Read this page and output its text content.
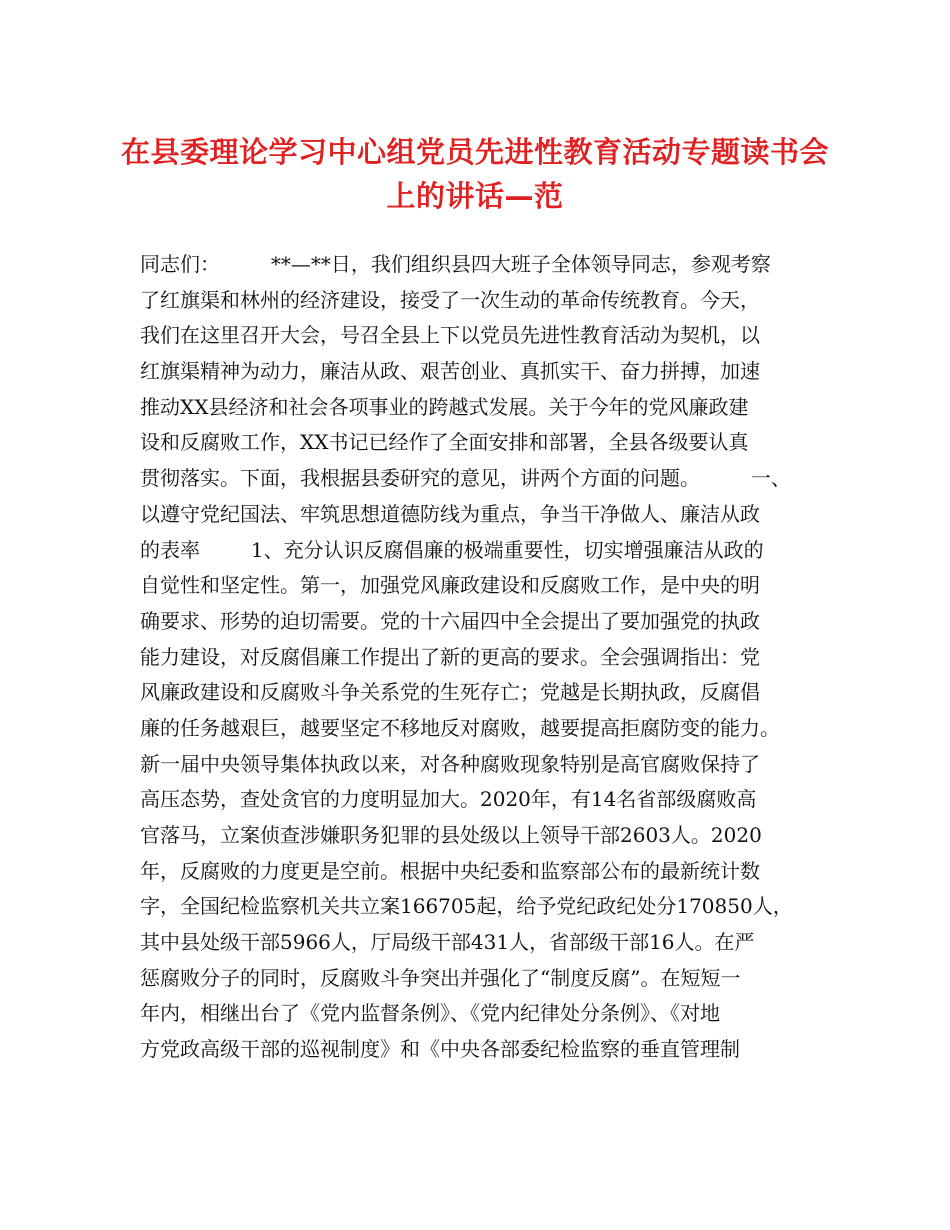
在县委理论学习中心组党员先进性教育活动专题读书会
上的讲话—范
同志们：        **—**日，我们组织县四大班子全体领导同志，参观考察
了红旗渠和林州的经济建设，接受了一次生动的革命传统教育。今天，
我们在这里召开大会，号召全县上下以党员先进性教育活动为契机，以
红旗渠精神为动力，廉洁从政、艰苦创业、真抓实干、奋力拼搏，加速
推动XX县经济和社会各项事业的跨越式发展。关于今年的党风廉政建
设和反腐败工作，XX书记已经作了全面安排和部署，全县各级要认真
贯彻落实。下面，我根据县委研究的意见，讲两个方面的问题。        一、
以遵守党纪国法、牢筑思想道德防线为重点，争当干净做人、廉洁从政
的表率        1、充分认识反腐倡廉的极端重要性，切实增强廉洁从政的
自觉性和坚定性。第一，加强党风廉政建设和反腐败工作，是中央的明
确要求、形势的迫切需要。党的十六届四中全会提出了要加强党的执政
能力建设，对反腐倡廉工作提出了新的更高的要求。全会强调指出：党
风廉政建设和反腐败斗争关系党的生死存亡；党越是长期执政，反腐倡
廉的任务越艰巨，越要坚定不移地反对腐败，越要提高拒腐防变的能力。
新一届中央领导集体执政以来，对各种腐败现象特别是高官腐败保持了
高压态势，查处贪官的力度明显加大。2020年，有14名省部级腐败高
官落马，立案侦查涉嫌职务犯罪的县处级以上领导干部2603人。2020
年，反腐败的力度更是空前。根据中央纪委和监察部公布的最新统计数
字，全国纪检监察机关共立案166705起，给予党纪政纪处分170850人，
其中县处级干部5966人，厅局级干部431人，省部级干部16人。在严
惩腐败分子的同时，反腐败斗争突出并强化了“制度反腐”。在短短一
年内，相继出台了《党内监督条例》、《党内纪律处分条例》、《对地
方党政高级干部的巡视制度》和《中央各部委纪检监察的垂直管理制
